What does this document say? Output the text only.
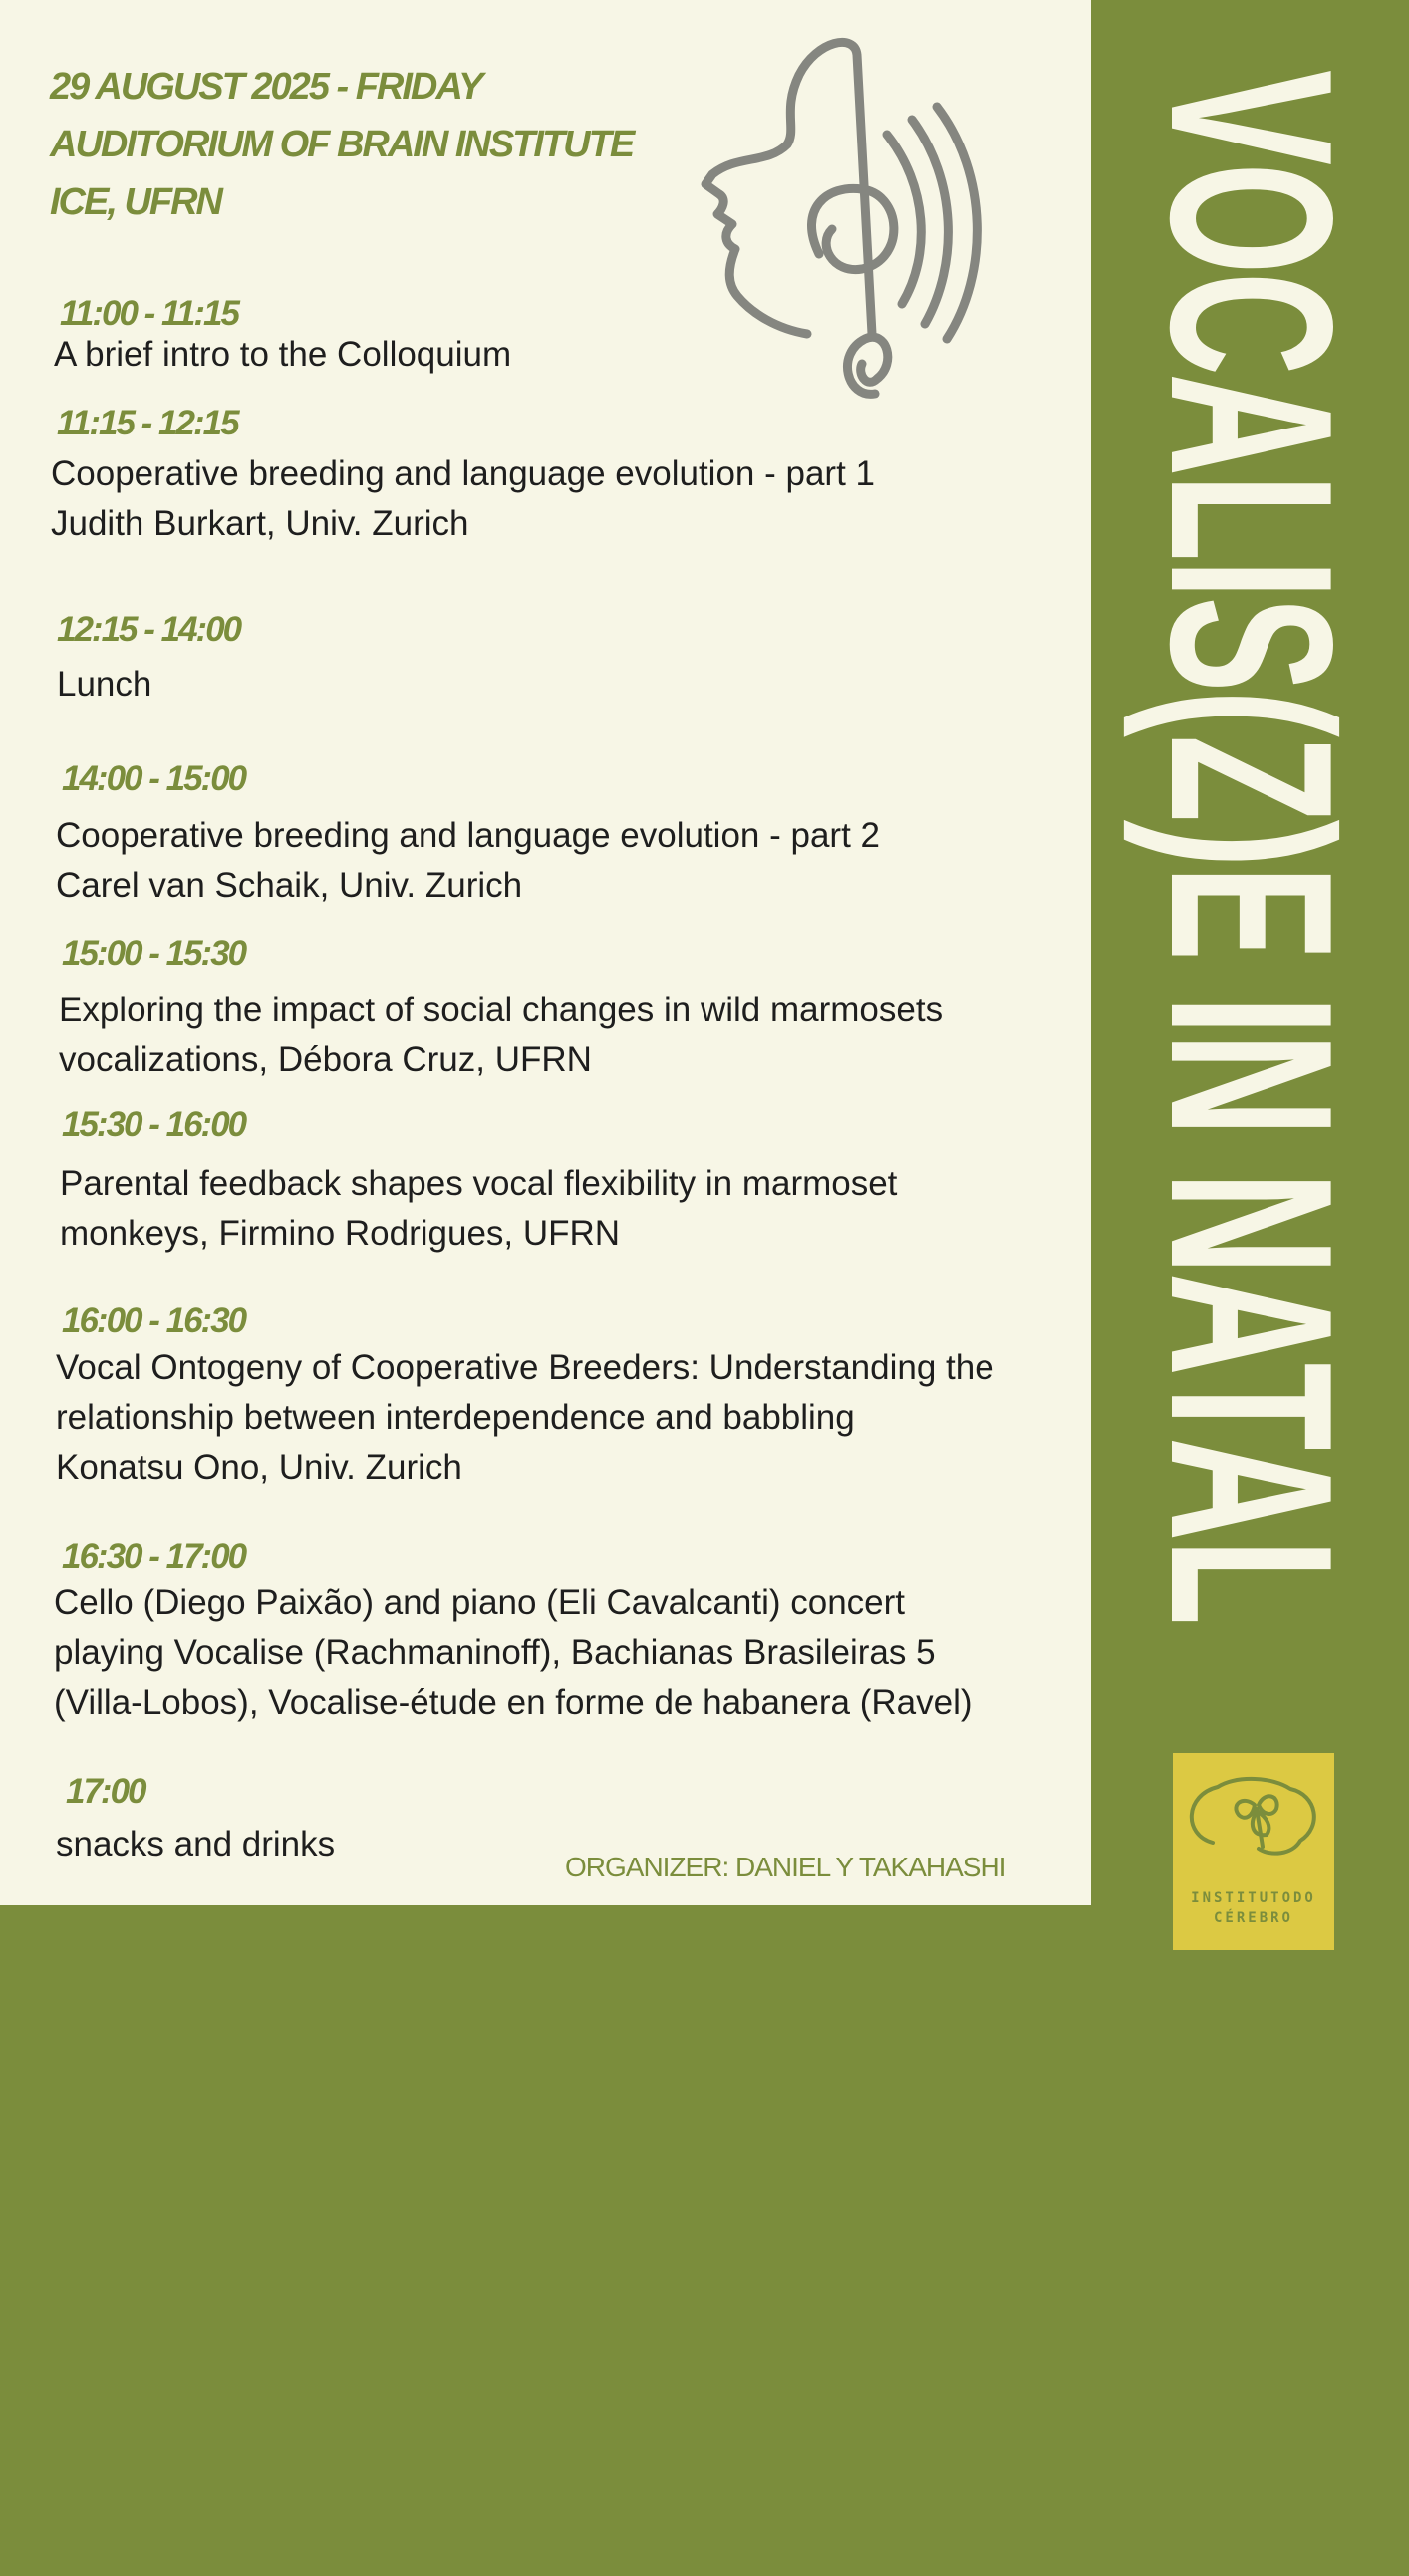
29 AUGUST 2025 - FRIDAY
AUDITORIUM OF BRAIN INSTITUTE
ICE, UFRN
11:00 - 11:15
A brief intro to the Colloquium
11:15 - 12:15
Cooperative breeding and language evolution - part 1
Judith Burkart, Univ. Zurich
12:15 - 14:00
Lunch
14:00 - 15:00
Cooperative breeding and language evolution - part 2
Carel van Schaik, Univ. Zurich
15:00 - 15:30
Exploring the impact of social changes in wild marmosets
vocalizations, Débora Cruz, UFRN
15:30 - 16:00
Parental feedback shapes vocal flexibility in marmoset
monkeys, Firmino Rodrigues, UFRN
16:00 - 16:30
Vocal Ontogeny of Cooperative Breeders: Understanding the
relationship between interdependence and babbling
Konatsu Ono, Univ. Zurich
16:30 - 17:00
Cello (Diego Paixão) and piano (Eli Cavalcanti) concert
playing Vocalise (Rachmaninoff), Bachianas Brasileiras 5
(Villa-Lobos), Vocalise-étude en forme de habanera (Ravel)
17:00
snacks and drinks
ORGANIZER: DANIEL Y TAKAHASHI
VOCALIS(Z)E IN NATAL
INSTITUTODO
CÉREBRO
